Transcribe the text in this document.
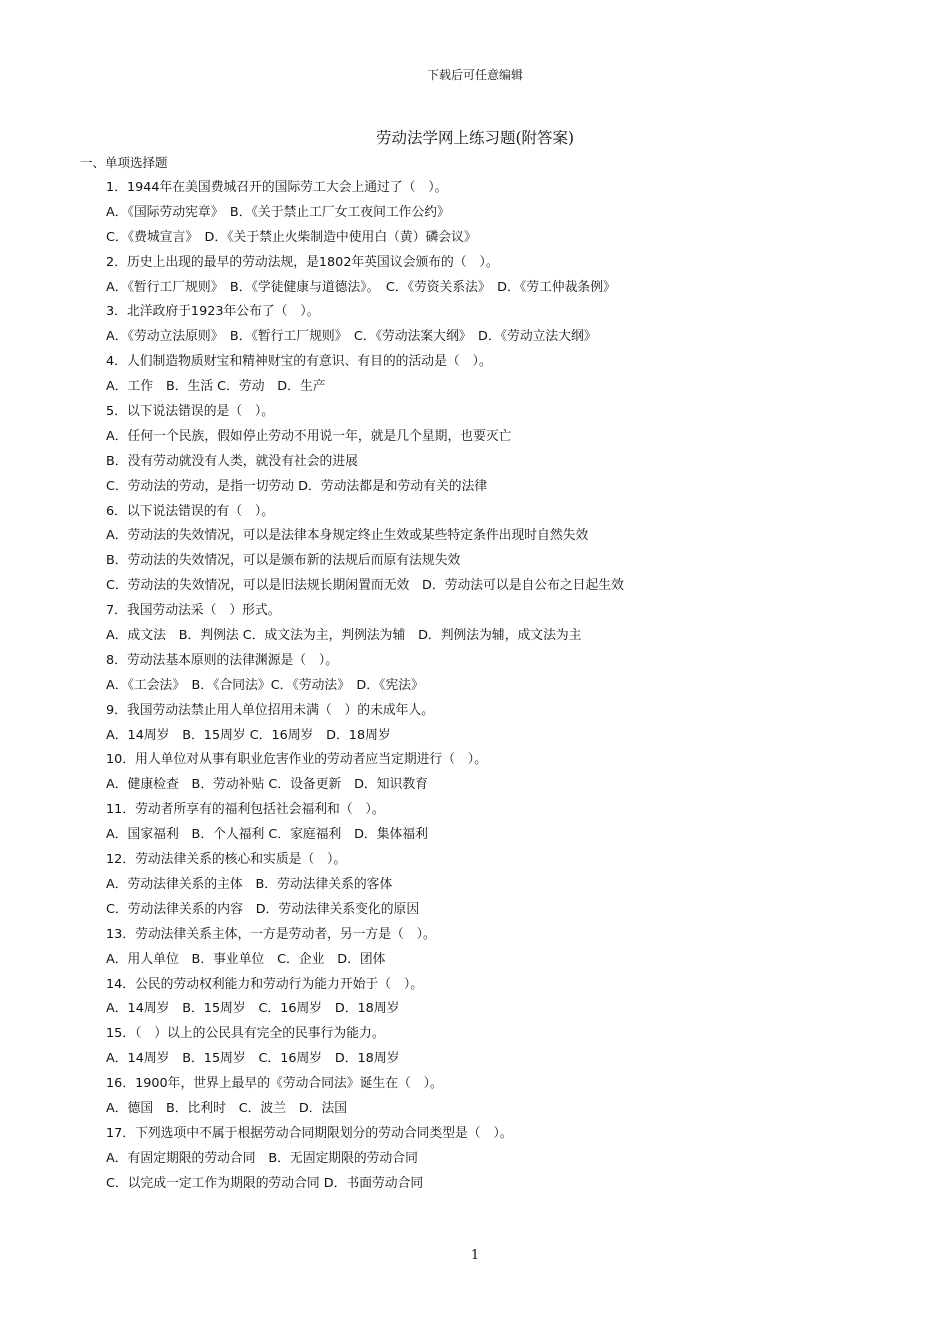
下载后可任意编辑
劳动法学网上练习题(附答案)
一、单项选择题
1．1944年在美国费城召开的国际劳工大会上通过了（　）。
A．《国际劳动宪章》　B．《关于禁止工厂女工夜间工作公约》
C．《费城宣言》　D．《关于禁止火柴制造中使用白（黄）磷会议》
2．历史上出现的最早的劳动法规，是1802年英国议会颁布的（　）。
A．《暂行工厂规则》　B．《学徒健康与道德法》。　C．《劳资关系法》　D．《劳工仲裁条例》
3．北洋政府于1923年公布了（　）。
A．《劳动立法原则》　B．《暂行工厂规则》　C．《劳动法案大纲》　D．《劳动立法大纲》
4．人们制造物质财宝和精神财宝的有意识、有目的的活动是（　）。
A．工作　B．生活 C．劳动　D．生产
5．以下说法错误的是（　）。
A．任何一个民族，假如停止劳动不用说一年，就是几个星期，也要灭亡
B．没有劳动就没有人类，就没有社会的进展
C．劳动法的劳动，是指一切劳动 D．劳动法都是和劳动有关的法律
6．以下说法错误的有（　）。
A．劳动法的失效情况，可以是法律本身规定终止生效或某些特定条件出现时自然失效
B．劳动法的失效情况，可以是颁布新的法规后而原有法规失效
C．劳动法的失效情况，可以是旧法规长期闲置而无效　D．劳动法可以是自公布之日起生效
7．我国劳动法采（　）形式。
A．成文法　B．判例法 C．成文法为主，判例法为辅　D．判例法为辅，成文法为主
8．劳动法基本原则的法律渊源是（　）。
A．《工会法》　B．《合同法》C．《劳动法》　D．《宪法》
9．我国劳动法禁止用人单位招用未满（　）的未成年人。
A．14周岁　B．15周岁 C．16周岁　D．18周岁
10．用人单位对从事有职业危害作业的劳动者应当定期进行（　）。
A．健康检查　B．劳动补贴 C．设备更新　D．知识教育
11．劳动者所享有的福利包括社会福利和（　）。
A．国家福利　B．个人福利 C．家庭福利　D．集体福利
12．劳动法律关系的核心和实质是（　）。
A．劳动法律关系的主体　B．劳动法律关系的客体
C．劳动法律关系的内容　D．劳动法律关系变化的原因
13．劳动法律关系主体，一方是劳动者，另一方是（　）。
A．用人单位　B．事业单位　C．企业　D．团体
14．公民的劳动权利能力和劳动行为能力开始于（　）。
A．14周岁　B．15周岁　C．16周岁　D．18周岁
15．（　）以上的公民具有完全的民事行为能力。
A．14周岁　B．15周岁　C．16周岁　D．18周岁
16．1900年，世界上最早的《劳动合同法》诞生在（　）。
A．德国　B．比利时　C．波兰　D．法国
17．下列选项中不属于根据劳动合同期限划分的劳动合同类型是（　）。
A．有固定期限的劳动合同　B．无固定期限的劳动合同
C．以完成一定工作为期限的劳动合同 D．书面劳动合同
1
